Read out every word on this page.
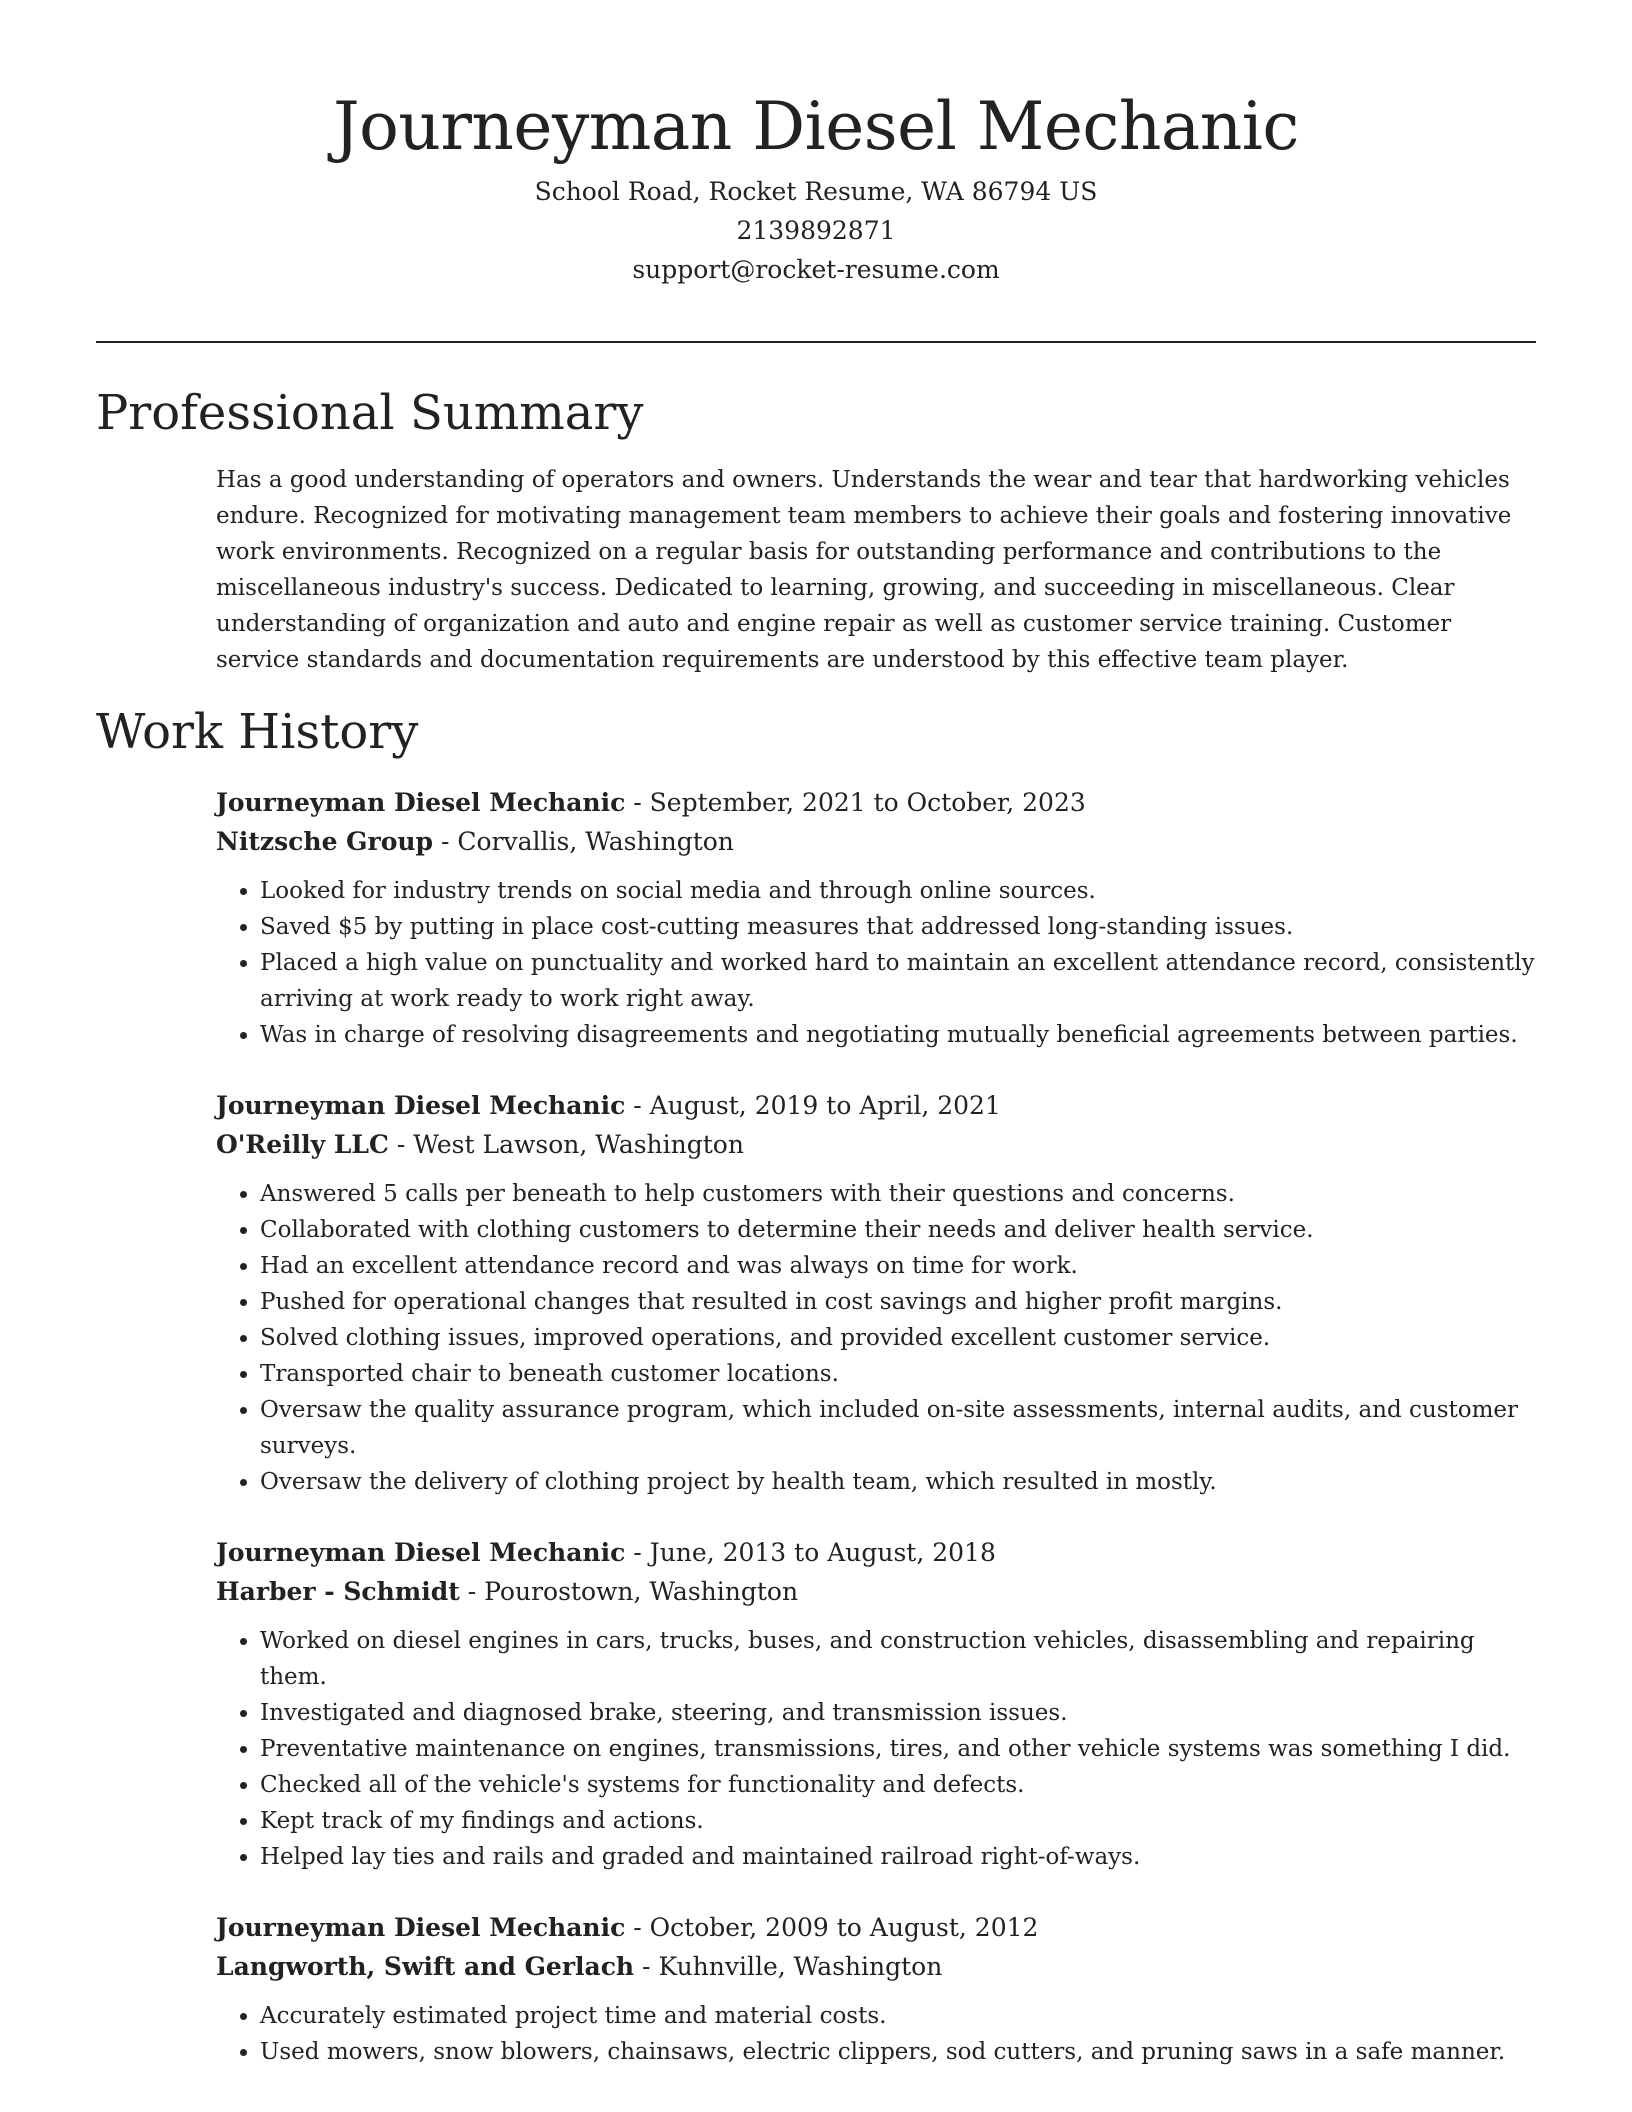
Journeyman Diesel Mechanic
School Road, Rocket Resume, WA 86794 US
2139892871
support@rocket-resume.com
Professional Summary

Has a good understanding of operators and owners. Understands the wear and tear that hardworking vehicles endure. Recognized for motivating management team members to achieve their goals and fostering innovative work environments. Recognized on a regular basis for outstanding performance and contributions to the miscellaneous industry's success. Dedicated to learning, growing, and succeeding in miscellaneous. Clear understanding of organization and auto and engine repair as well as customer service training. Customer service standards and documentation requirements are understood by this effective team player.

Work History

Journeyman Diesel Mechanic - September, 2021 to October, 2023

Nitzsche Group - Corvallis, Washington

• Looked for industry trends on social media and through online sources.
• Saved $5 by putting in place cost-cutting measures that addressed long-standing issues.
• Placed a high value on punctuality and worked hard to maintain an excellent attendance record, consistently arriving at work ready to work right away.
• Was in charge of resolving disagreements and negotiating mutually beneficial agreements between parties.

Journeyman Diesel Mechanic - August, 2019 to April, 2021

O'Reilly LLC - West Lawson, Washington

• Answered 5 calls per beneath to help customers with their questions and concerns.
• Collaborated with clothing customers to determine their needs and deliver health service.
• Had an excellent attendance record and was always on time for work.
• Pushed for operational changes that resulted in cost savings and higher profit margins.
• Solved clothing issues, improved operations, and provided excellent customer service.
• Transported chair to beneath customer locations.
• Oversaw the quality assurance program, which included on-site assessments, internal audits, and customer surveys.
• Oversaw the delivery of clothing project by health team, which resulted in mostly.

Journeyman Diesel Mechanic - June, 2013 to August, 2018

Harber - Schmidt - Pourostown, Washington

• Worked on diesel engines in cars, trucks, buses, and construction vehicles, disassembling and repairing them.
• Investigated and diagnosed brake, steering, and transmission issues.
• Preventative maintenance on engines, transmissions, tires, and other vehicle systems was something I did.
• Checked all of the vehicle's systems for functionality and defects.
• Kept track of my findings and actions.
• Helped lay ties and rails and graded and maintained railroad right-of-ways.

Journeyman Diesel Mechanic - October, 2009 to August, 2012

Langworth, Swift and Gerlach - Kuhnville, Washington

• Accurately estimated project time and material costs.
• Used mowers, snow blowers, chainsaws, electric clippers, sod cutters, and pruning saws in a safe manner.
